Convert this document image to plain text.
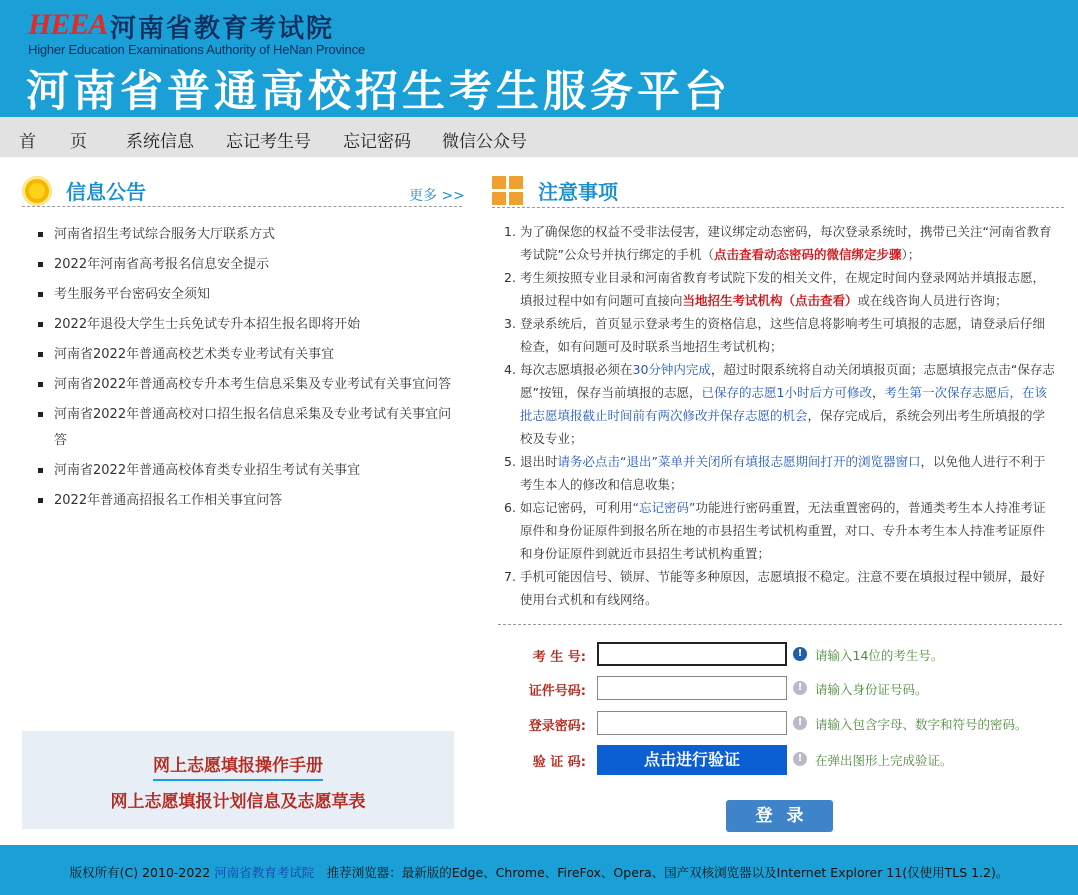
HEEA 河南省教育考试院
Higher Education Examinations Authority of HeNan Province
河南省普通高校招生考生服务平台
首　　页 系统信息 忘记考生号 忘记密码 微信公众号
信息公告	更多 >>
河南省招生考试综合服务大厅联系方式
2022年河南省高考报名信息安全提示
考生服务平台密码安全须知
2022年退役大学生士兵免试专升本招生报名即将开始
河南省2022年普通高校艺术类专业考试有关事宜
河南省2022年普通高校专升本考生信息采集及专业考试有关事宜问答
河南省2022年普通高校对口招生报名信息采集及专业考试有关事宜问答
河南省2022年普通高校体育类专业招生考试有关事宜
2022年普通高招报名工作相关事宜问答
网上志愿填报操作手册
网上志愿填报计划信息及志愿草表
注意事项
1. 为了确保您的权益不受非法侵害，建议绑定动态密码，每次登录系统时，携带已关注“河南省教育考试院”公众号并执行绑定的手机（点击查看动态密码的微信绑定步骤）；
2. 考生须按照专业目录和河南省教育考试院下发的相关文件，在规定时间内登录网站并填报志愿，填报过程中如有问题可直接向当地招生考试机构（点击查看）或在线咨询人员进行咨询；
3. 登录系统后，首页显示登录考生的资格信息，这些信息将影响考生可填报的志愿，请登录后仔细检查，如有问题可及时联系当地招生考试机构；
4. 每次志愿填报必须在30分钟内完成，超过时限系统将自动关闭填报页面；志愿填报完点击“保存志愿”按钮，保存当前填报的志愿，已保存的志愿1小时后方可修改，考生第一次保存志愿后，在该批志愿填报截止时间前有两次修改并保存志愿的机会，保存完成后，系统会列出考生所填报的学校及专业；
5. 退出时请务必点击“退出”菜单并关闭所有填报志愿期间打开的浏览器窗口，以免他人进行不利于考生本人的修改和信息收集；
6. 如忘记密码，可利用“忘记密码”功能进行密码重置，无法重置密码的，普通类考生本人持准考证原件和身份证原件到报名所在地的市县招生考试机构重置，对口、专升本考生本人持准考证原件和身份证原件到就近市县招生考试机构重置；
7. 手机可能因信号、锁屏、节能等多种原因，志愿填报不稳定。注意不要在填报过程中锁屏，最好使用台式机和有线网络。
考 生 号:	!	请输入14位的考生号。
证件号码:	!	请输入身份证号码。
登录密码:	!	请输入包含字母、数字和符号的密码。
验 证 码:	点击进行验证	!	在弹出图形上完成验证。
登录
版权所有(C) 2010-2022 河南省教育考试院　推荐浏览器：最新版的Edge、Chrome、FireFox、Opera、国产双核浏览器以及Internet Explorer 11(仅使用TLS 1.2)。
